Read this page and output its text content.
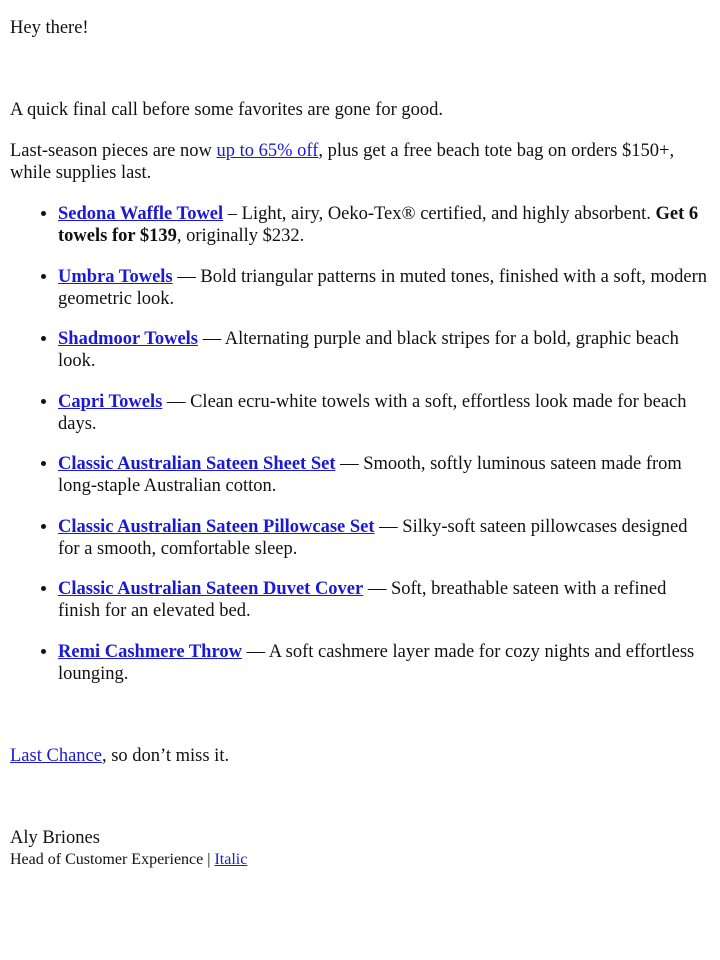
Hey there!

A quick final call before some favorites are gone for good.

Last-season pieces are now up to 65% off, plus get a free beach tote bag on orders $150+, while supplies last.

• Sedona Waffle Towel – Light, airy, Oeko-Tex® certified, and highly absorbent. Get 6 towels for $139, originally $232.
• Umbra Towels — Bold triangular patterns in muted tones, finished with a soft, modern geometric look.
• Shadmoor Towels — Alternating purple and black stripes for a bold, graphic beach look.
• Capri Towels — Clean ecru-white towels with a soft, effortless look made for beach days.
• Classic Australian Sateen Sheet Set — Smooth, softly luminous sateen made from long-staple Australian cotton.
• Classic Australian Sateen Pillowcase Set — Silky-soft sateen pillowcases designed for a smooth, comfortable sleep.
• Classic Australian Sateen Duvet Cover — Soft, breathable sateen with a refined finish for an elevated bed.
• Remi Cashmere Throw — A soft cashmere layer made for cozy nights and effortless lounging.

Last Chance, so don’t miss it.

Aly Briones

Head of Customer Experience | Italic
